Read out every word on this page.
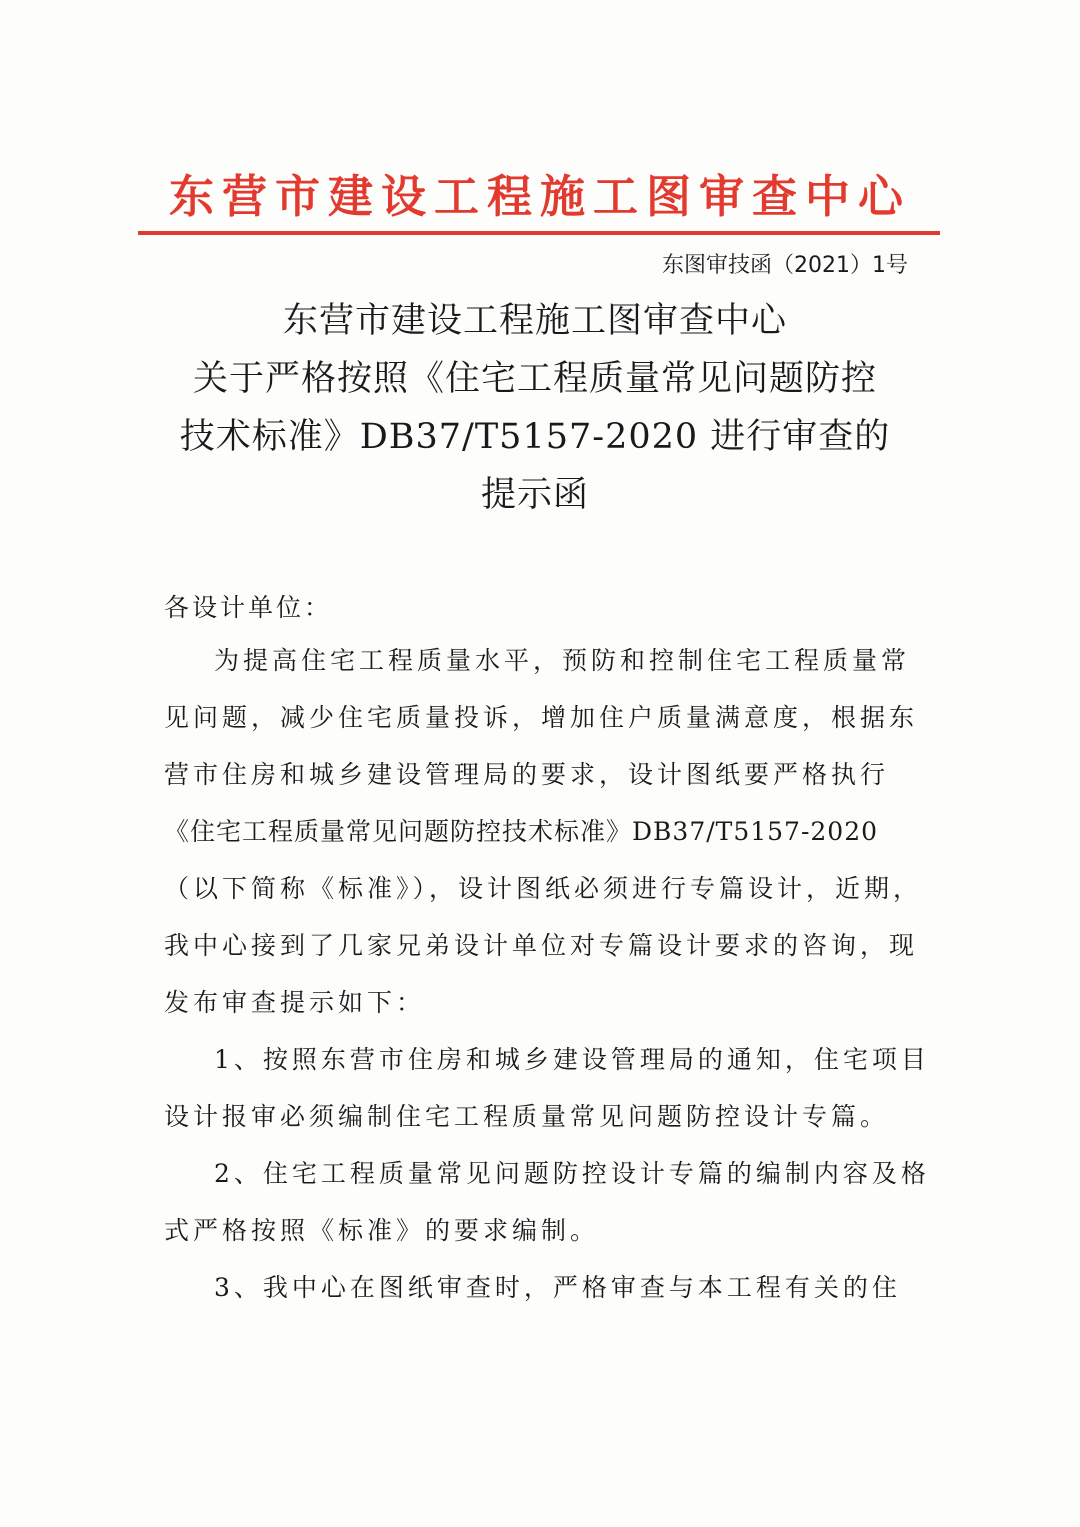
东营市建设工程施工图审查中心
东图审技函（2021）1号
东营市建设工程施工图审查中心
关于严格按照《住宅工程质量常见问题防控
技术标准》DB37/T5157-2020 进行审查的
提示函
各设计单位：
为提高住宅工程质量水平，预防和控制住宅工程质量常
见问题，减少住宅质量投诉，增加住户质量满意度，根据东
营市住房和城乡建设管理局的要求，设计图纸要严格执行
《住宅工程质量常见问题防控技术标准》DB37/T5157-2020
（以下简称《标准》），设计图纸必须进行专篇设计，近期，
我中心接到了几家兄弟设计单位对专篇设计要求的咨询，现
发布审查提示如下：
1、按照东营市住房和城乡建设管理局的通知，住宅项目
设计报审必须编制住宅工程质量常见问题防控设计专篇。
2、住宅工程质量常见问题防控设计专篇的编制内容及格
式严格按照《标准》的要求编制。
3、我中心在图纸审查时，严格审查与本工程有关的住
